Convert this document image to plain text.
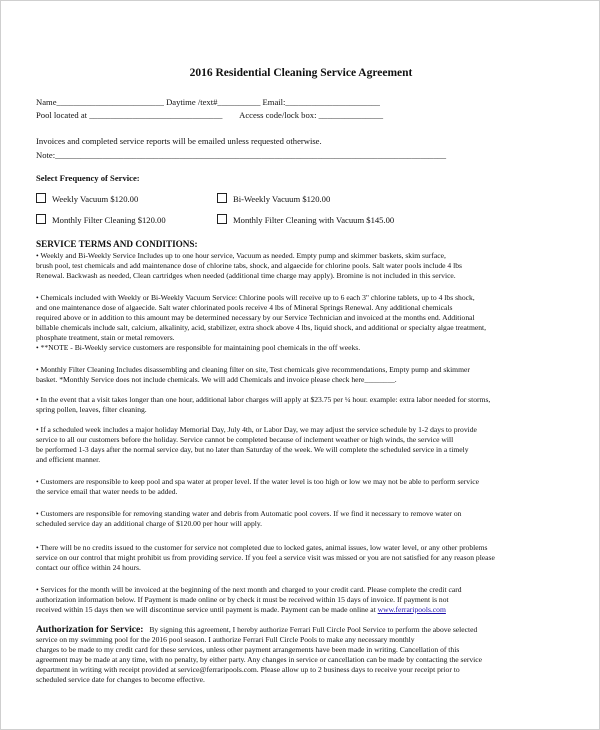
2016 Residential Cleaning Service Agreement
Name_________________________ Daytime /text#__________ Email:______________________
Pool located at _______________________________        Access code/lock box: _______________
Invoices and completed service reports will be emailed unless requested otherwise.
Note:___________________________________________________________________________________________
Select Frequency of Service:
Weekly Vacuum $120.00	Bi-Weekly Vacuum $120.00
Monthly Filter Cleaning $120.00	Monthly Filter Cleaning with Vacuum $145.00
SERVICE TERMS AND CONDITIONS:
• Weekly and Bi-Weekly Service Includes up to one hour service, Vacuum as needed. Empty pump and skimmer baskets, skim surface,
brush pool, test chemicals and add maintenance dose of chlorine tabs, shock, and algaecide for chlorine pools. Salt water pools include 4 lbs
Renewal. Backwash as needed, Clean cartridges when needed (additional time charge may apply). Bromine is not included in this service.
• Chemicals included with Weekly or Bi-Weekly Vacuum Service: Chlorine pools will receive up to 6 each 3" chlorine tablets, up to 4 lbs shock,
and one maintenance dose of algaecide. Salt water chlorinated pools receive 4 lbs of Mineral Springs Renewal. Any additional chemicals
required above or in addition to this amount may be determined necessary by our Service Technician and invoiced at the months end. Additional
billable chemicals include salt, calcium, alkalinity, acid, stabilizer, extra shock above 4 lbs, liquid shock, and additional or specialty algae treatment,
phosphate treatment, stain or metal removers.
• **NOTE - Bi-Weekly service customers are responsible for maintaining pool chemicals in the off weeks.
• Monthly Filter Cleaning Includes disassembling and cleaning filter on site, Test chemicals give recommendations, Empty pump and skimmer
basket. *Monthly Service does not include chemicals. We will add Chemicals and invoice please check here________.
• In the event that a visit takes longer than one hour, additional labor charges will apply at $23.75 per ¼ hour. example: extra labor needed for storms,
spring pollen, leaves, filter cleaning.
• If a scheduled week includes a major holiday Memorial Day, July 4th, or Labor Day, we may adjust the service schedule by 1-2 days to provide
service to all our customers before the holiday. Service cannot be completed because of inclement weather or high winds, the service will
be performed 1-3 days after the normal service day, but no later than Saturday of the week. We will complete the scheduled service in a timely
and efficient manner.
• Customers are responsible to keep pool and spa water at proper level. If the water level is too high or low we may not be able to perform service
the service email that water needs to be added.
• Customers are responsible for removing standing water and debris from Automatic pool covers. If we find it necessary to remove water on
scheduled service day an additional charge of $120.00 per hour will apply.
• There will be no credits issued to the customer for service not completed due to locked gates, animal issues, low water level, or any other problems
service on our control that might prohibit us from providing service. If you feel a service visit was missed or you are not satisfied for any reason please
contact our office within 24 hours.
• Services for the month will be invoiced at the beginning of the next month and charged to your credit card. Please complete the credit card
authorization information below. If Payment is made online or by check it must be received within 15 days of invoice. If payment is not
received within 15 days then we will discontinue service until payment is made. Payment can be made online at www.ferraripools.com
Authorization for Service: By signing this agreement, I hereby authorize Ferrari Full Circle Pool Service to perform the above selected
service on my swimming pool for the 2016 pool season. I authorize Ferrari Full Circle Pools to make any necessary monthly
charges to be made to my credit card for these services, unless other payment arrangements have been made in writing. Cancellation of this
agreement may be made at any time, with no penalty, by either party. Any changes in service or cancellation can be made by contacting the service
department in writing with receipt provided at service@ferraripools.com. Please allow up to 2 business days to receive your receipt prior to
scheduled service date for changes to become effective.
